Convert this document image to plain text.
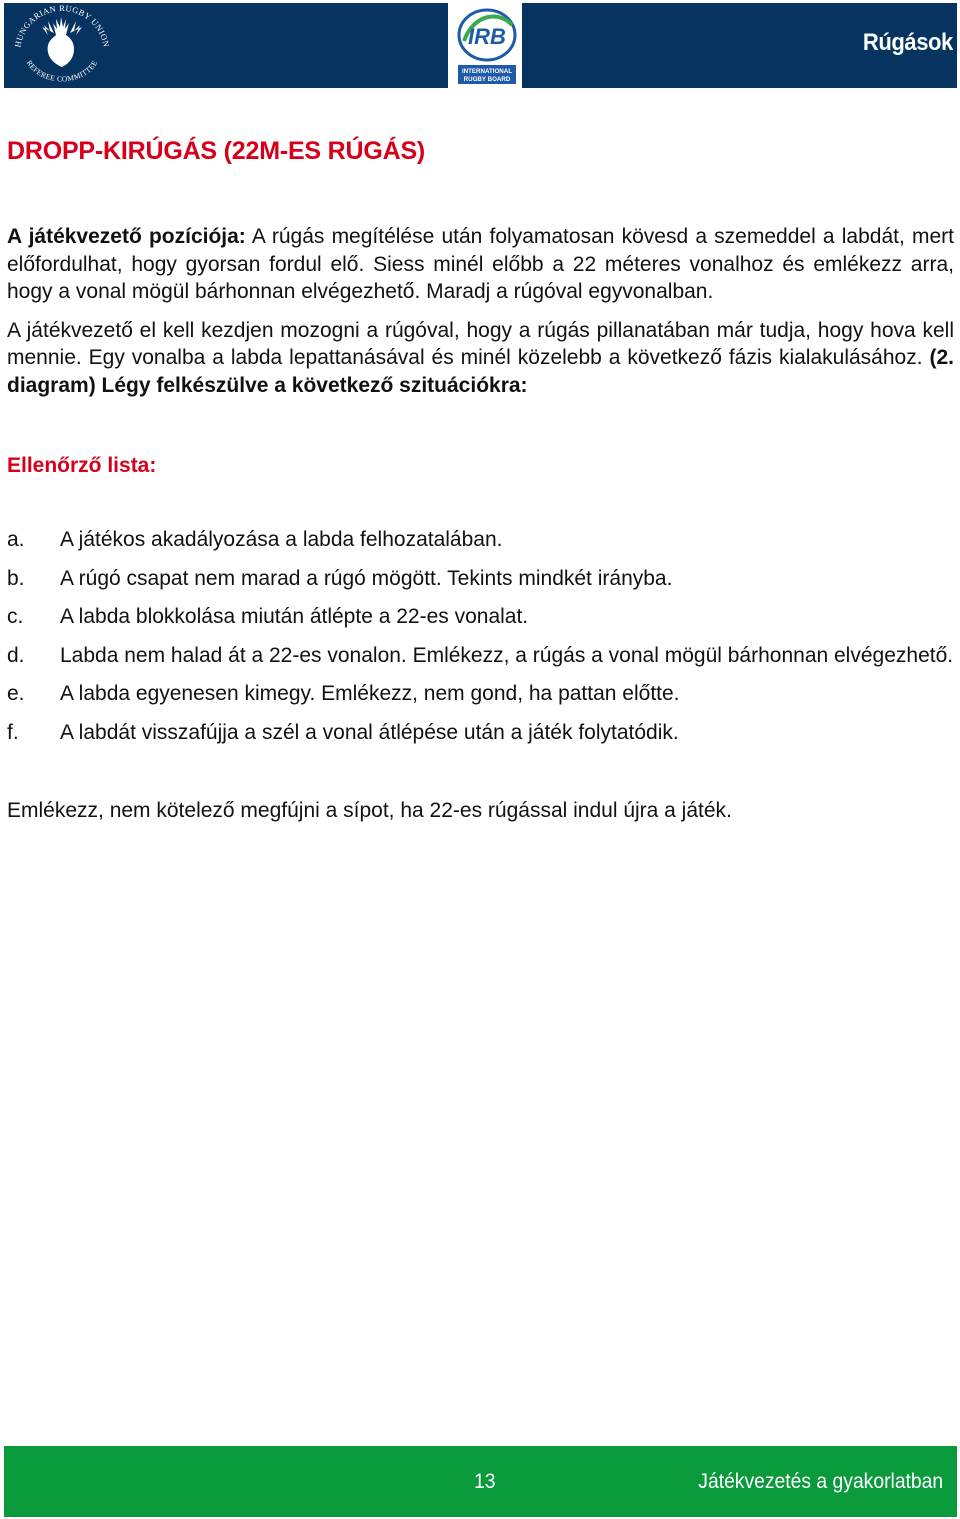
HUNGARIAN RUGBY UNION
REFEREE COMMITTEE
IRB
INTERNATIONAL
RUGBY BOARD
Rúgások
DROPP-KIRÚGÁS (22M-ES RÚGÁS)

A játékvezető pozíciója: A rúgás megítélése után folyamatosan kövesd a szemeddel a labdát, mert előfordulhat, hogy gyorsan fordul elő. Siess minél előbb a 22 méteres vonalhoz és emlékezz arra, hogy a vonal mögül bárhonnan elvégezhető. Maradj a rúgóval egyvonalban.

A játékvezető el kell kezdjen mozogni a rúgóval, hogy a rúgás pillanatában már tudja, hogy hova kell mennie. Egy vonalba a labda lepattanásával és minél közelebb a következő fázis kialakulásához. (2. diagram) Légy felkészülve a következő szituációkra:

Ellenőrző lista:
a. A játékos akadályozása a labda felhozatalában.
b. A rúgó csapat nem marad a rúgó mögött. Tekints mindkét irányba.
c. A labda blokkolása miután átlépte a 22-es vonalat.
d. Labda nem halad át a 22-es vonalon. Emlékezz, a rúgás a vonal mögül bárhonnan elvégezhető.
e. A labda egyenesen kimegy. Emlékezz, nem gond, ha pattan előtte.
f. A labdát visszafújja a szél a vonal átlépése után a játék folytatódik.

Emlékezz, nem kötelező megfújni a sípot, ha 22-es rúgással indul újra a játék.

13	Játékvezetés a gyakorlatban
